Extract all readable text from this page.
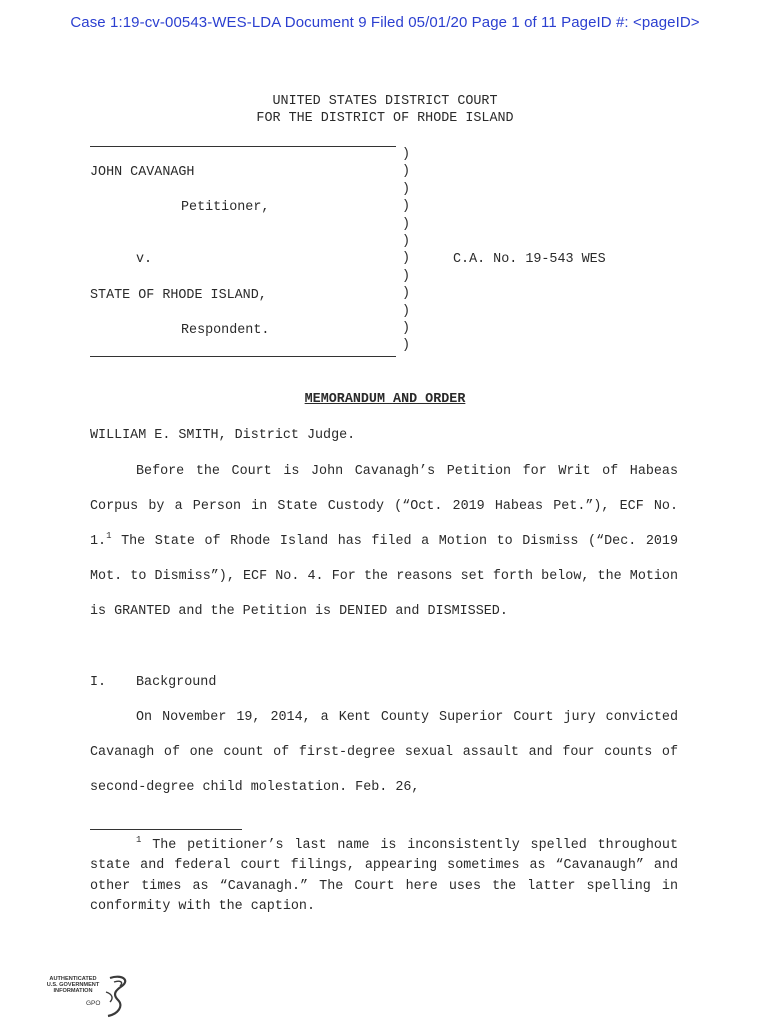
Case 1:19-cv-00543-WES-LDA Document 9 Filed 05/01/20 Page 1 of 11 PageID #: <pageID>
UNITED STATES DISTRICT COURT
FOR THE DISTRICT OF RHODE ISLAND
)
)
)
)
)
)
)
)
)
)
)
)
JOHN CAVANAGH
Petitioner,
v.	C.A. No. 19-543 WES
STATE OF RHODE ISLAND,
Respondent.
MEMORANDUM AND ORDER
WILLIAM E. SMITH, District Judge.

Before the Court is John Cavanagh’s Petition for Writ of Habeas Corpus by a Person in State Custody (“Oct. 2019 Habeas Pet.”), ECF No. 1.$^1$ The State of Rhode Island has filed a Motion to Dismiss (“Dec. 2019 Mot. to Dismiss”), ECF No. 4. For the reasons set forth below, the Motion is GRANTED and the Petition is DENIED and DISMISSED.

I. Background

On November 19, 2014, a Kent County Superior Court jury convicted Cavanagh of one count of first-degree sexual assault and four counts of second-degree child molestation. Feb. 26,

$^1$ The petitioner’s last name is inconsistently spelled throughout state and federal court filings, appearing sometimes as “Cavanaugh” and other times as “Cavanagh.” The Court here uses the latter spelling in conformity with the caption.
AUTHENTICATED
U.S. GOVERNMENT
INFORMATION
GPO
